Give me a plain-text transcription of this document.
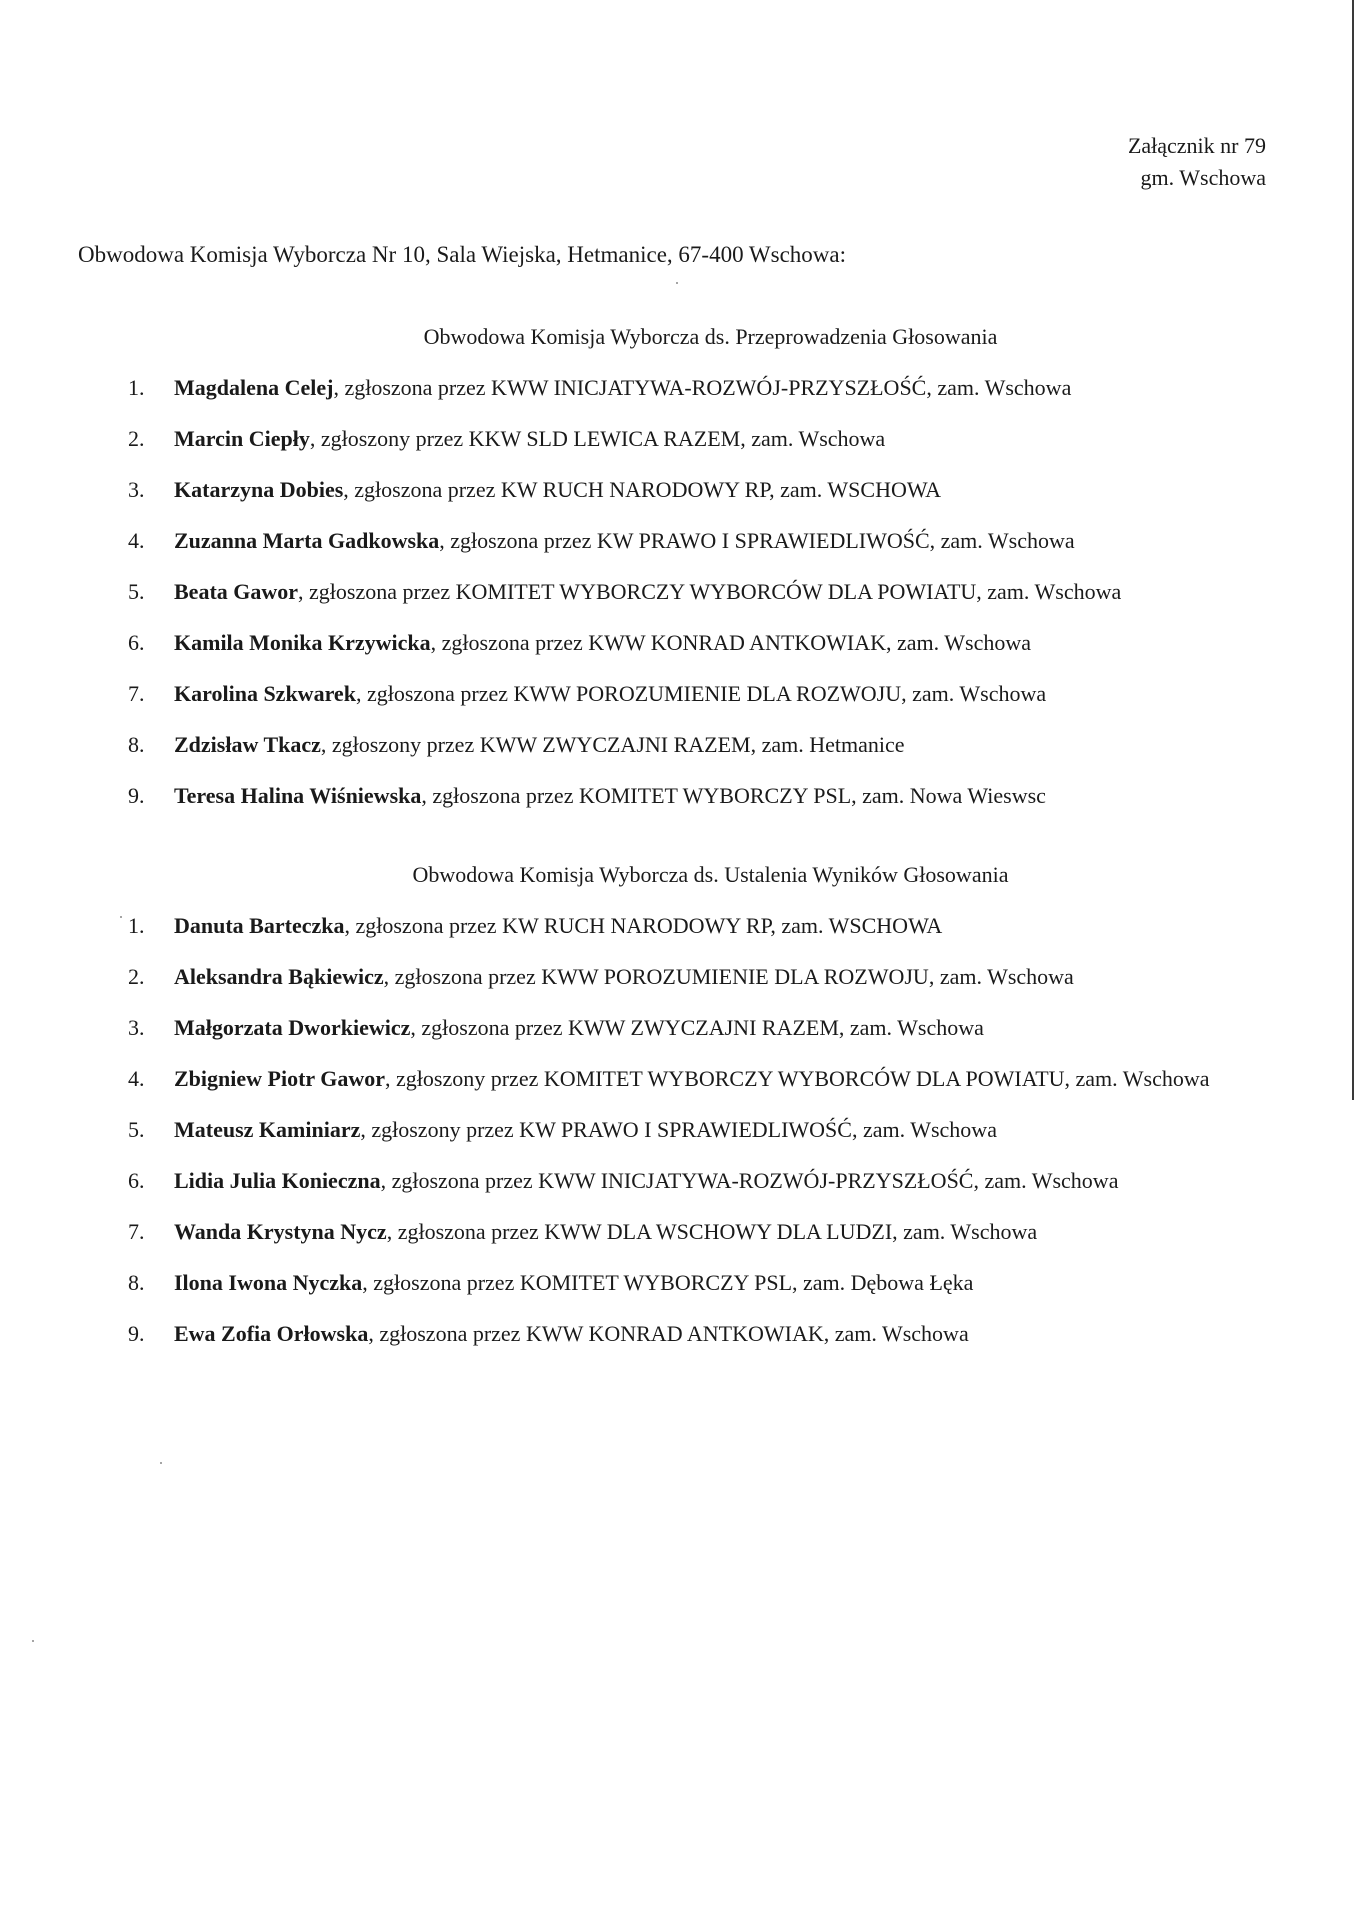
Załącznik nr 79
gm. Wschowa
Obwodowa Komisja Wyborcza Nr 10, Sala Wiejska, Hetmanice, 67-400 Wschowa:
Obwodowa Komisja Wyborcza ds. Przeprowadzenia Głosowania
1.	Magdalena Celej, zgłoszona przez KWW INICJATYWA-ROZWÓJ-PRZYSZŁOŚĆ, zam. Wschowa
2.	Marcin Ciepły, zgłoszony przez KKW SLD LEWICA RAZEM, zam. Wschowa
3.	Katarzyna Dobies, zgłoszona przez KW RUCH NARODOWY RP, zam. WSCHOWA
4.	Zuzanna Marta Gadkowska, zgłoszona przez KW PRAWO I SPRAWIEDLIWOŚĆ, zam. Wschowa
5.	Beata Gawor, zgłoszona przez KOMITET WYBORCZY WYBORCÓW DLA POWIATU, zam. Wschowa
6.	Kamila Monika Krzywicka, zgłoszona przez KWW KONRAD ANTKOWIAK, zam. Wschowa
7.	Karolina Szkwarek, zgłoszona przez KWW POROZUMIENIE DLA ROZWOJU, zam. Wschowa
8.	Zdzisław Tkacz, zgłoszony przez KWW ZWYCZAJNI RAZEM, zam. Hetmanice
9.	Teresa Halina Wiśniewska, zgłoszona przez KOMITET WYBORCZY PSL, zam. Nowa Wieswsc
Obwodowa Komisja Wyborcza ds. Ustalenia Wyników Głosowania
1.	Danuta Barteczka, zgłoszona przez KW RUCH NARODOWY RP, zam. WSCHOWA
2.	Aleksandra Bąkiewicz, zgłoszona przez KWW POROZUMIENIE DLA ROZWOJU, zam. Wschowa
3.	Małgorzata Dworkiewicz, zgłoszona przez KWW ZWYCZAJNI RAZEM, zam. Wschowa
4.	Zbigniew Piotr Gawor, zgłoszony przez KOMITET WYBORCZY WYBORCÓW DLA POWIATU, zam. Wschowa
5.	Mateusz Kaminiarz, zgłoszony przez KW PRAWO I SPRAWIEDLIWOŚĆ, zam. Wschowa
6.	Lidia Julia Konieczna, zgłoszona przez KWW INICJATYWA-ROZWÓJ-PRZYSZŁOŚĆ, zam. Wschowa
7.	Wanda Krystyna Nycz, zgłoszona przez KWW DLA WSCHOWY DLA LUDZI, zam. Wschowa
8.	Ilona Iwona Nyczka, zgłoszona przez KOMITET WYBORCZY PSL, zam. Dębowa Łęka
9.	Ewa Zofia Orłowska, zgłoszona przez KWW KONRAD ANTKOWIAK, zam. Wschowa
